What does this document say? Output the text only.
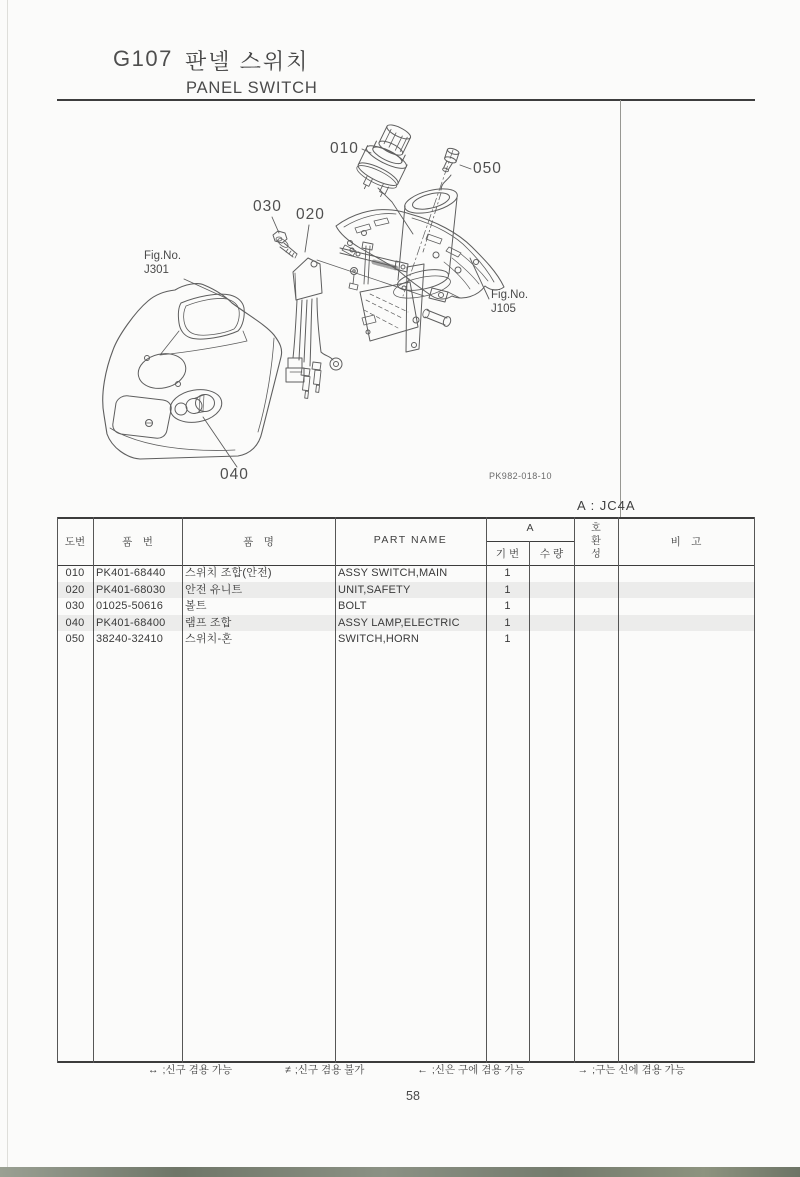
G107 판넬 스위치
PANEL SWITCH
010
050
030 020
040
Fig.No.
J301
Fig.No.
J105
PK982-018-10
A : JC4A
도번	품　번	품　명	PART NAME
A
기 번	수 량
호환성
비　고
010	PK401-68440 스위치 조합(안전)	ASSY SWITCH,MAIN	1
020	PK401-68030 안전 유니트	UNIT,SAFETY	1
030	01025-50616 볼트	BOLT	1
040	PK401-68400 램프 조합	ASSY LAMP,ELECTRIC	1
050	38240-32410 스위치-혼	SWITCH,HORN	1
↔ ;신구 겸용 가능	≠ ;신구 겸용 불가	← ;신은 구에 겸용 가능	→ ;구는 신에 겸용 가능
58
